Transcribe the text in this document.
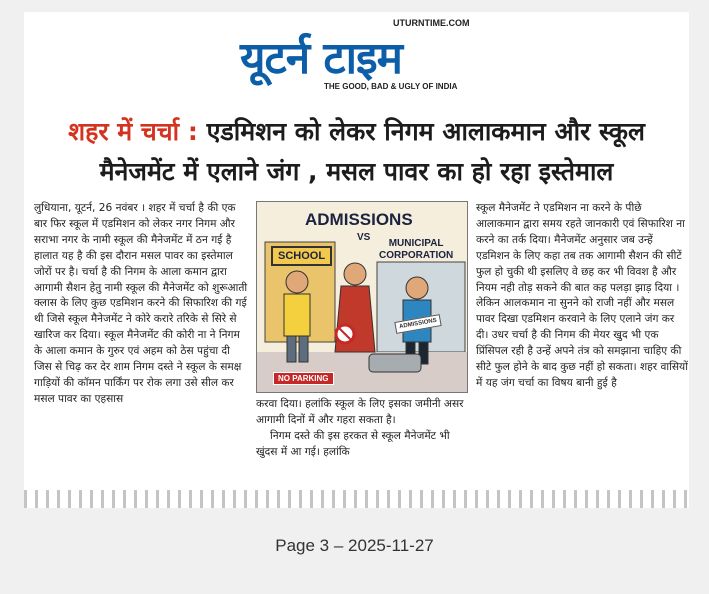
UTURNTIME.COM
यूटर्न टाइम
THE GOOD, BAD & UGLY OF INDIA
शहर में चर्चा : एडमिशन को लेकर निगम आलाकमान और स्कूल
मैनेजमेंट में एलाने जंग , मसल पावर का हो रहा इस्तेमाल

लुधियाना, यूटर्न, 26 नवंबर । शहर में चर्चा है की एक बार फिर स्कूल में एडमिशन को लेकर नगर निगम और सराभा नगर के नामी स्कूल की मैनेजमेंट में ठन गई है हालात यह है की इस दौरान मसल पावर का इस्तेमाल जोरों पर है। चर्चा है की निगम के आला कमान द्वारा आगामी सैशन हेतु नामी स्कूल की मैनेजमेंट को शुरूआती क्लास के लिए कुछ एडमिशन करने की सिफारिश की गई थी जिसे स्कूल मैनेजमेंट ने कोरे करारे तरिके से सिरे से खारिज कर दिया। स्कूल मैनेजमेंट की कोरी ना ने निगम के आला कमान के गुरुर एवं अहम को ठेस पहुंचा दी जिस से चिढ़ कर देर शाम निगम दस्ते ने स्कूल के समक्ष गाड़ियों की कॉमन पार्किंग पर रोक लगा उसे सील कर मसल पावर का एहसास

ADMISSIONS
VS
SCHOOL
MUNICIPAL
CORPORATION
NO PARKING
ADMISSIONS

करवा दिया। हलांकि स्कूल के लिए इसका जमीनी असर आगामी दिनों में और गहरा सकता है।

निगम दस्ते की इस हरकत से स्कूल मैनेजमेंट भी खुंदस में आ गई। हलांकि

स्कूल मैनेजमेंट ने एडमिशन ना करने के पीछे आलाकमान द्वारा समय रहते जानकारी एवं सिफारिश ना करने का तर्क दिया। मैनेजमेंट अनुसार जब उन्हें एडमिशन के लिए कहा तब तक आगामी सैशन की सीटें फुल हो चुकी थी इसलिए वे छह कर भी विवश है और नियम नही तोड़ सकने की बात कह पलड़ा झाड़ दिया । लेकिन आलकमान ना सुनने को राजी नहीं और मसल पावर दिखा एडमिशन करवाने के लिए एलाने जंग कर दी। उधर चर्चा है की निगम की मेयर खुद भी एक प्रिंसिपल रही है उन्हें अपने तंत्र को समझाना चाहिए की सीटे फुल होने के बाद कुछ नहीं हो सकता। शहर वासियों में यह जंग चर्चा का विषय बानी हुई है

Page 3 – 2025-11-27
